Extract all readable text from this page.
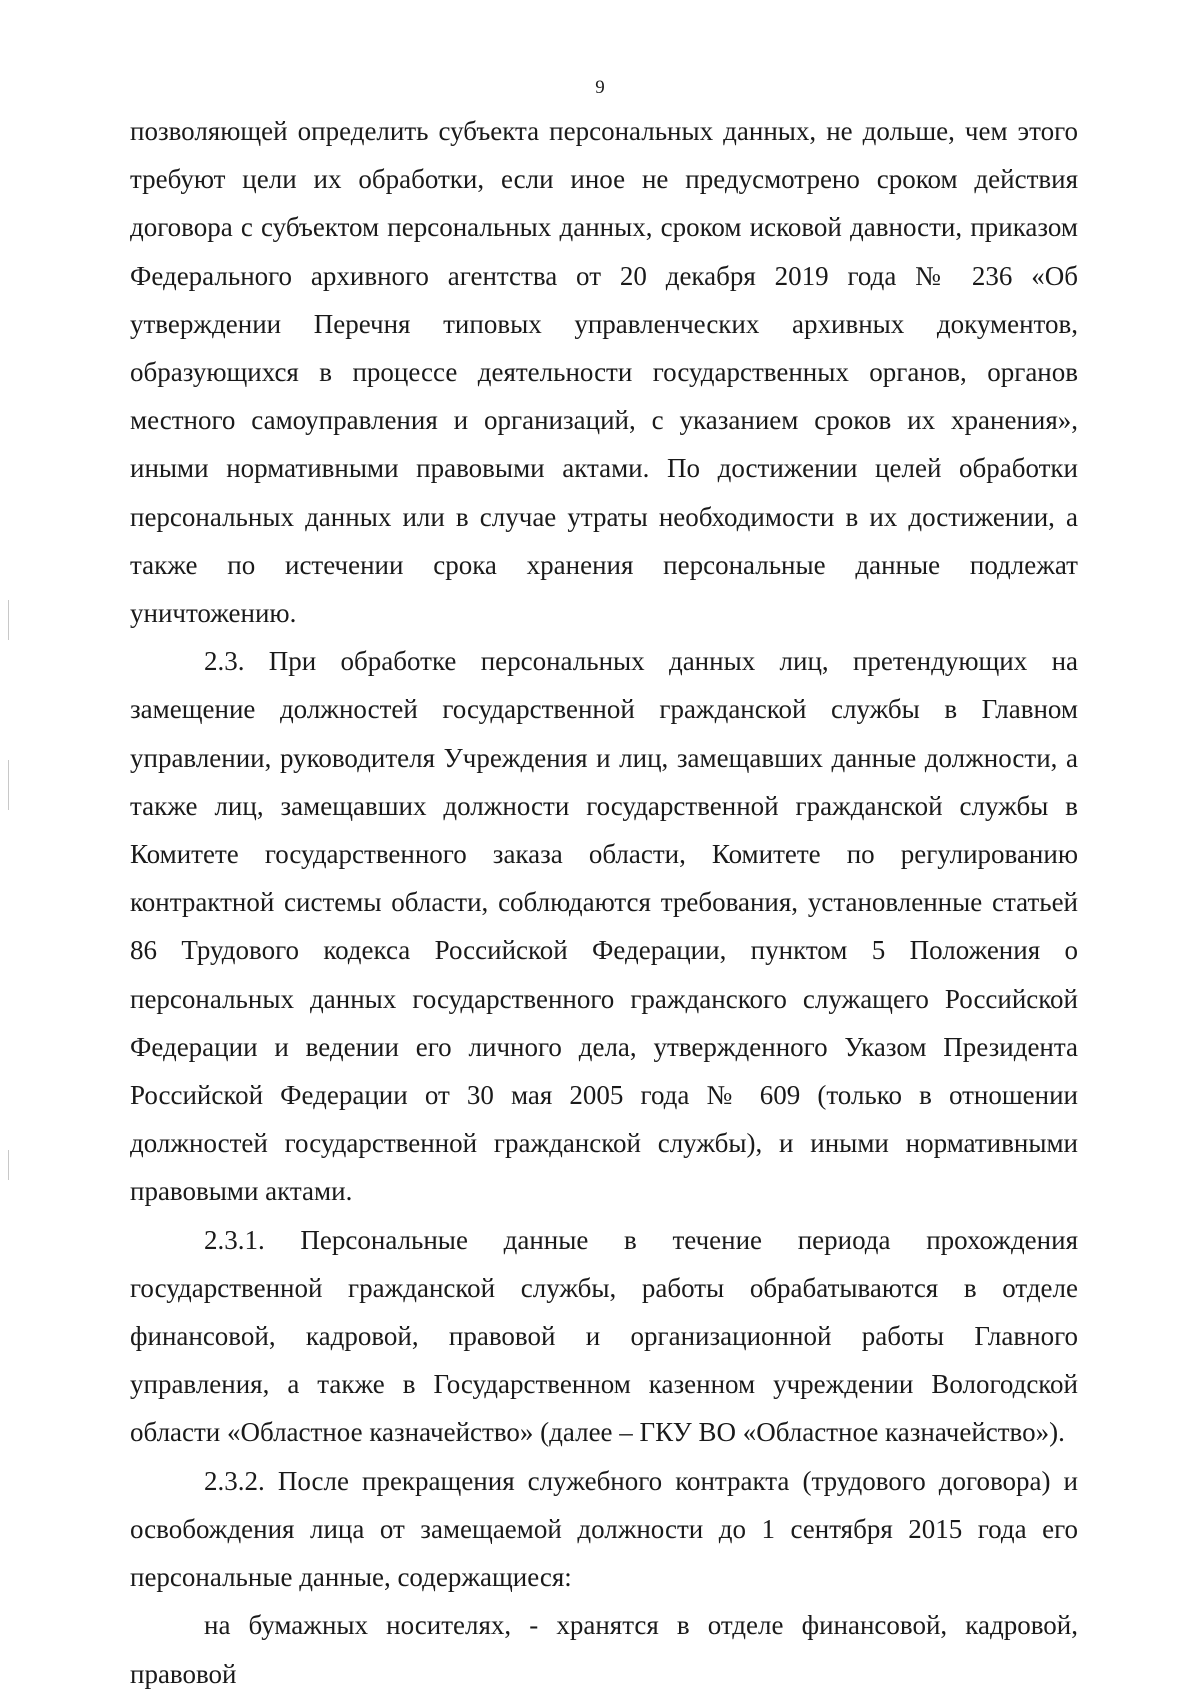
9

позволяющей определить субъекта персональных данных, не дольше, чем этого требуют цели их обработки, если иное не предусмотрено сроком действия договора с субъектом персональных данных, сроком исковой давности, приказом Федерального архивного агентства от 20 декабря 2019 года № 236 «Об утверждении Перечня типовых управленческих архивных документов, образующихся в процессе деятельности государственных органов, органов местного самоуправления и организаций, с указанием сроков их хранения», иными нормативными правовыми актами. По достижении целей обработки персональных данных или в случае утраты необходимости в их достижении, а также по истечении срока хранения персональные данные подлежат уничтожению.

2.3. При обработке персональных данных лиц, претендующих на замещение должностей государственной гражданской службы в Главном управлении, руководителя Учреждения и лиц, замещавших данные должности, а также лиц, замещавших должности государственной гражданской службы в Комитете государственного заказа области, Комитете по регулированию контрактной системы области, соблюдаются требования, установленные статьей 86 Трудового кодекса Российской Федерации, пунктом 5 Положения о персональных данных государственного гражданского служащего Российской Федерации и ведении его личного дела, утвержденного Указом Президента Российской Федерации от 30 мая 2005 года № 609 (только в отношении должностей государственной гражданской службы), и иными нормативными правовыми актами.

2.3.1. Персональные данные в течение периода прохождения государственной гражданской службы, работы обрабатываются в отделе финансовой, кадровой, правовой и организационной работы Главного управления, а также в Государственном казенном учреждении Вологодской области «Областное казначейство» (далее – ГКУ ВО «Областное казначейство»).

2.3.2. После прекращения служебного контракта (трудового договора) и освобождения лица от замещаемой должности до 1 сентября 2015 года его персональные данные, содержащиеся:

на бумажных носителях, - хранятся в отделе финансовой, кадровой, правовой
